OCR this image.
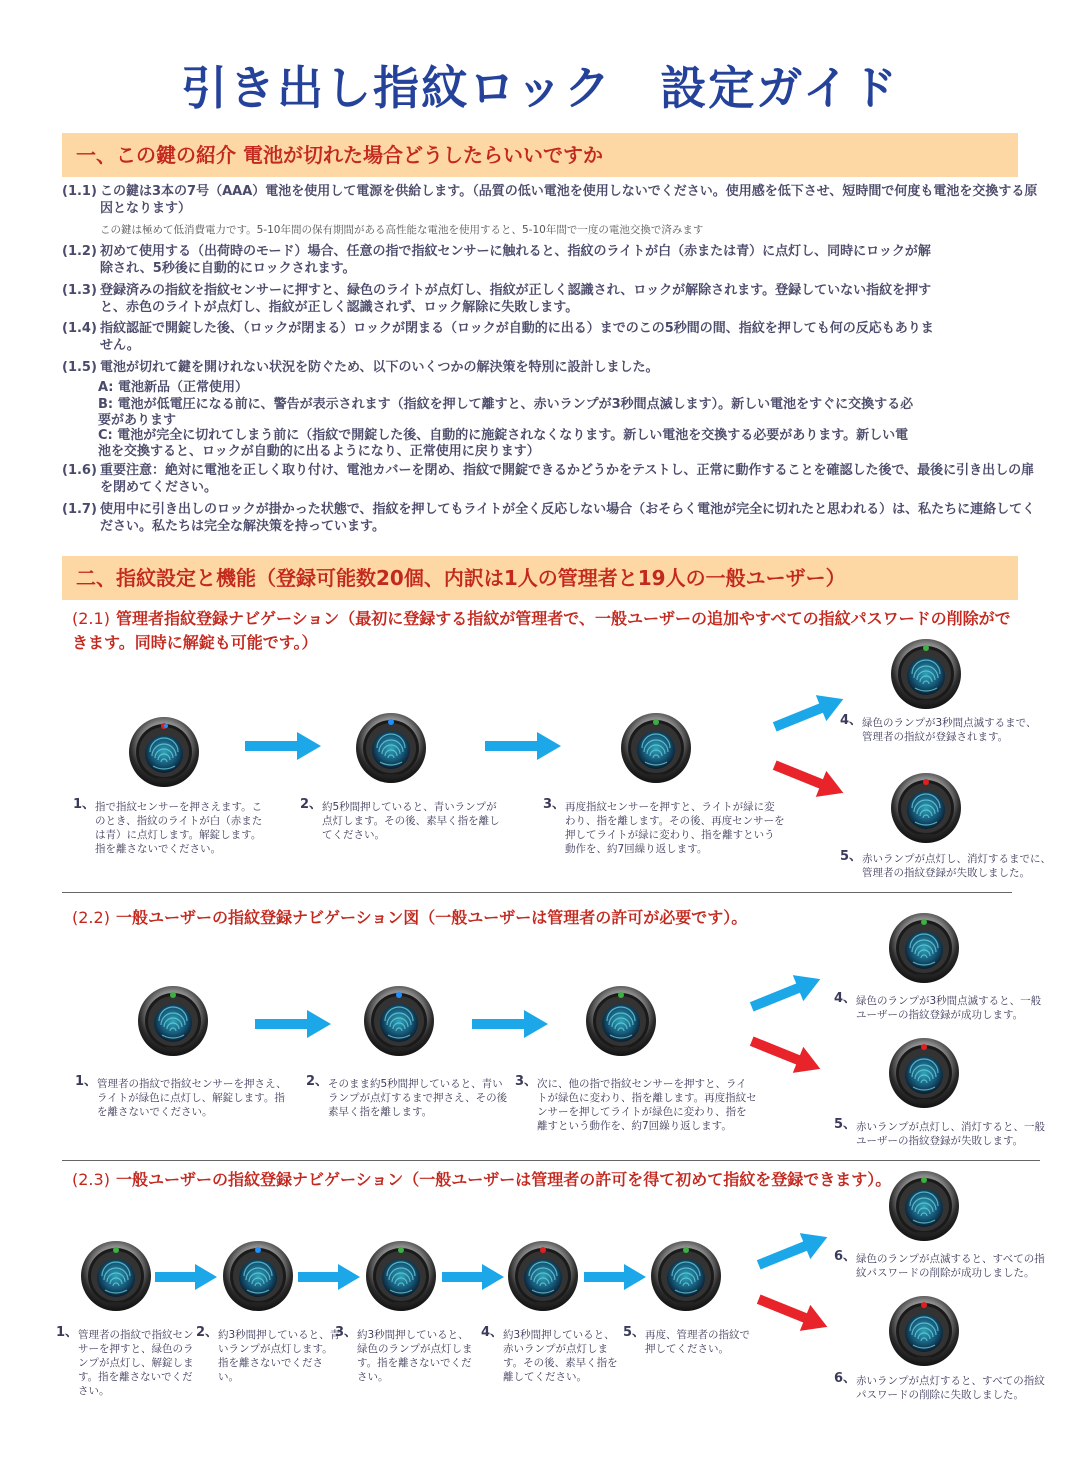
引き出し指紋ロック　設定ガイド
一、この鍵の紹介 電池が切れた場合どうしたらいいですか
(1.1) この鍵は3本の7号（AAA）電池を使用して電源を供給します。（品質の低い電池を使用しないでください。使用感を低下させ、短時間で何度も電池を交換する原因となります）
この鍵は極めて低消費電力です。5-10年間の保有期間がある高性能な電池を使用すると、5-10年間で一度の電池交換で済みます
(1.2) 初めて使用する（出荷時のモード）場合、任意の指で指紋センサーに触れると、指紋のライトが白（赤または青）に点灯し、同時にロックが解除され、5秒後に自動的にロックされます。
(1.3) 登録済みの指紋を指紋センサーに押すと、緑色のライトが点灯し、指紋が正しく認識され、ロックが解除されます。登録していない指紋を押すと、赤色のライトが点灯し、指紋が正しく認識されず、ロック解除に失敗します。
(1.4) 指紋認証で開錠した後、（ロックが閉まる）ロックが閉まる（ロックが自動的に出る）までのこの5秒間の間、指紋を押しても何の反応もありません。
(1.5) 電池が切れて鍵を開けれない状況を防ぐため、以下のいくつかの解決策を特別に設計しました。
A: 電池新品（正常使用）
B: 電池が低電圧になる前に、警告が表示されます（指紋を押して離すと、赤いランプが3秒間点滅します）。新しい電池をすぐに交換する必要があります
C: 電池が完全に切れてしまう前に（指紋で開錠した後、自動的に施錠されなくなります。新しい電池を交換する必要があります。新しい電池を交換すると、ロックが自動的に出るようになり、正常使用に戻ります）
(1.6) 重要注意：絶対に電池を正しく取り付け、電池カバーを閉め、指紋で開錠できるかどうかをテストし、正常に動作することを確認した後で、最後に引き出しの扉を閉めてください。
(1.7) 使用中に引き出しのロックが掛かった状態で、指紋を押してもライトが全く反応しない場合（おそらく電池が完全に切れたと思われる）は、私たちに連絡してください。私たちは完全な解決策を持っています。
二、指紋設定と機能（登録可能数20個、内訳は1人の管理者と19人の一般ユーザー）
(2.1) 管理者指紋登録ナビゲーション（最初に登録する指紋が管理者で、一般ユーザーの追加やすべての指紋パスワードの削除ができます。同時に解錠も可能です。）
1、 指で指紋センサーを押さえます。このとき、指紋のライトが白（赤または青）に点灯します。解錠します。指を離さないでください。
2、 約5秒間押していると、青いランプが点灯します。その後、素早く指を離してください。
3、 再度指紋センサーを押すと、ライトが緑に変わり、指を離します。その後、再度センサーを押してライトが緑に変わり、指を離すという動作を、約7回繰り返します。
4、 緑色のランプが3秒間点滅するまで、管理者の指紋が登録されます。
5、 赤いランプが点灯し、消灯するまでに、管理者の指紋登録が失敗しました。
(2.2) 一般ユーザーの指紋登録ナビゲーション図（一般ユーザーは管理者の許可が必要です）。
1、 管理者の指紋で指紋センサーを押さえ、ライトが緑色に点灯し、解錠します。指を離さないでください。
2、 そのまま約5秒間押していると、青いランプが点灯するまで押さえ、その後素早く指を離します。
3、 次に、他の指で指紋センサーを押すと、ライトが緑色に変わり、指を離します。再度指紋センサーを押してライトが緑色に変わり、指を離すという動作を、約7回繰り返します。
4、 緑色のランプが3秒間点滅すると、一般ユーザーの指紋登録が成功します。
5、 赤いランプが点灯し、消灯すると、一般ユーザーの指紋登録が失敗します。
(2.3) 一般ユーザーの指紋登録ナビゲーション（一般ユーザーは管理者の許可を得て初めて指紋を登録できます）。
1、 管理者の指紋で指紋センサーを押すと、緑色のランプが点灯し、解錠します。指を離さないでください。
2、 約3秒間押していると、青いランプが点灯します。指を離さないでください。
3、 約3秒間押していると、緑色のランプが点灯します。指を離さないでください。
4、 約3秒間押していると、赤いランプが点灯します。その後、素早く指を離してください。
5、 再度、管理者の指紋で押してください。
6、 緑色のランプが点滅すると、すべての指紋パスワードの削除が成功しました。
6、 赤いランプが点灯すると、すべての指紋パスワードの削除に失敗しました。
